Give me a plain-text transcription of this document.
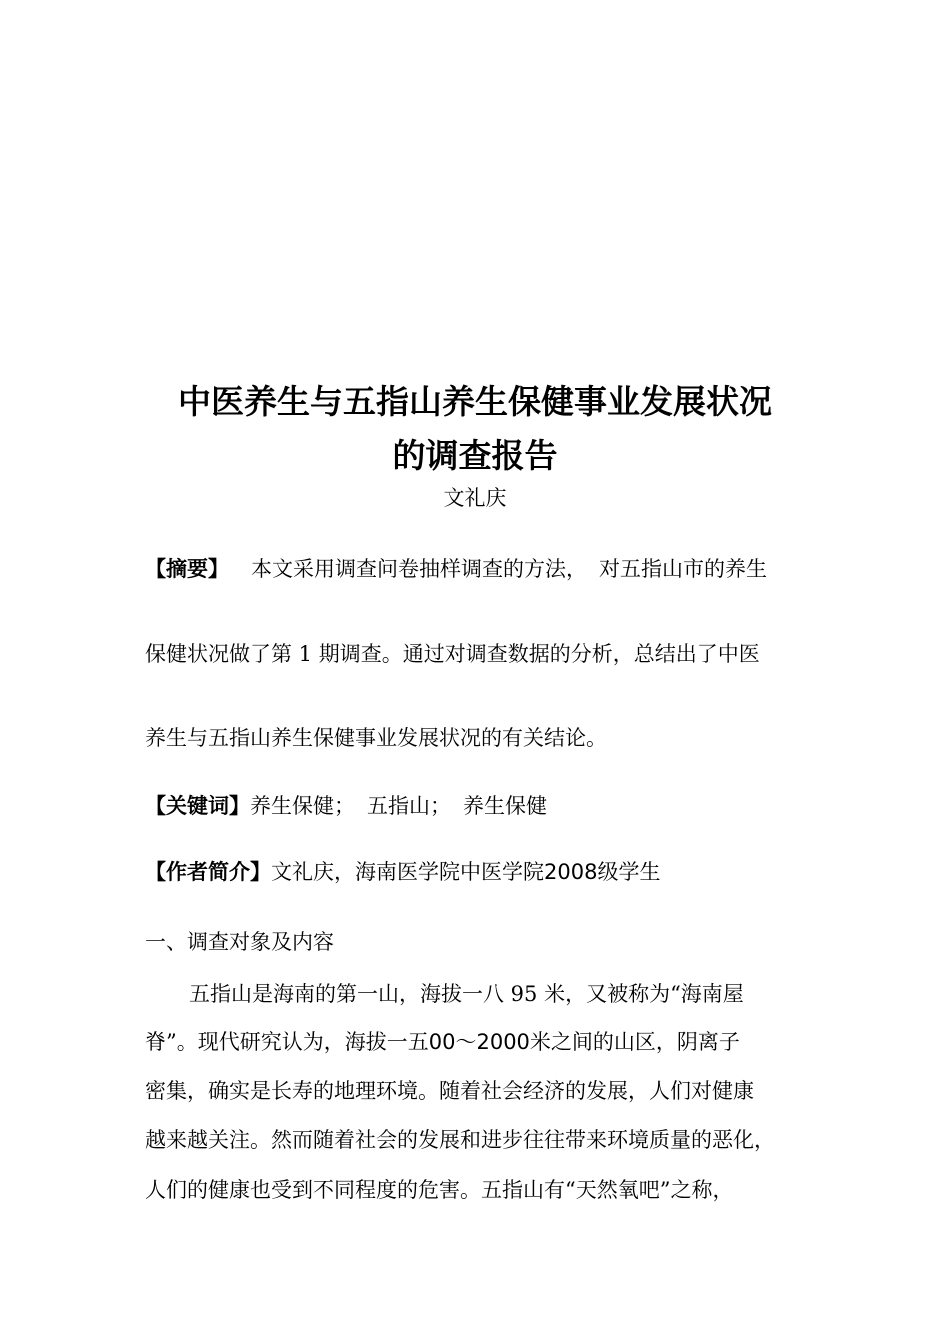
中医养生与五指山养生保健事业发展状况
的调查报告
文礼庆
【摘要】 本文采用调查问卷抽样调查的方法， 对五指山市的养生
保健状况做了第 1 期调查。通过对调查数据的分析，总结出了中医
养生与五指山养生保健事业发展状况的有关结论。
【关键词】养生保健； 五指山； 养生保健
【作者简介】文礼庆，海南医学院中医学院2008级学生
一、调查对象及内容
五指山是海南的第一山，海拔一八 95 米，又被称为“海南屋
脊”。现代研究认为，海拔一五00～2000米之间的山区，阴离子
密集，确实是长寿的地理环境。随着社会经济的发展，人们对健康
越来越关注。然而随着社会的发展和进步往往带来环境质量的恶化，
人们的健康也受到不同程度的危害。五指山有“天然氧吧”之称，
